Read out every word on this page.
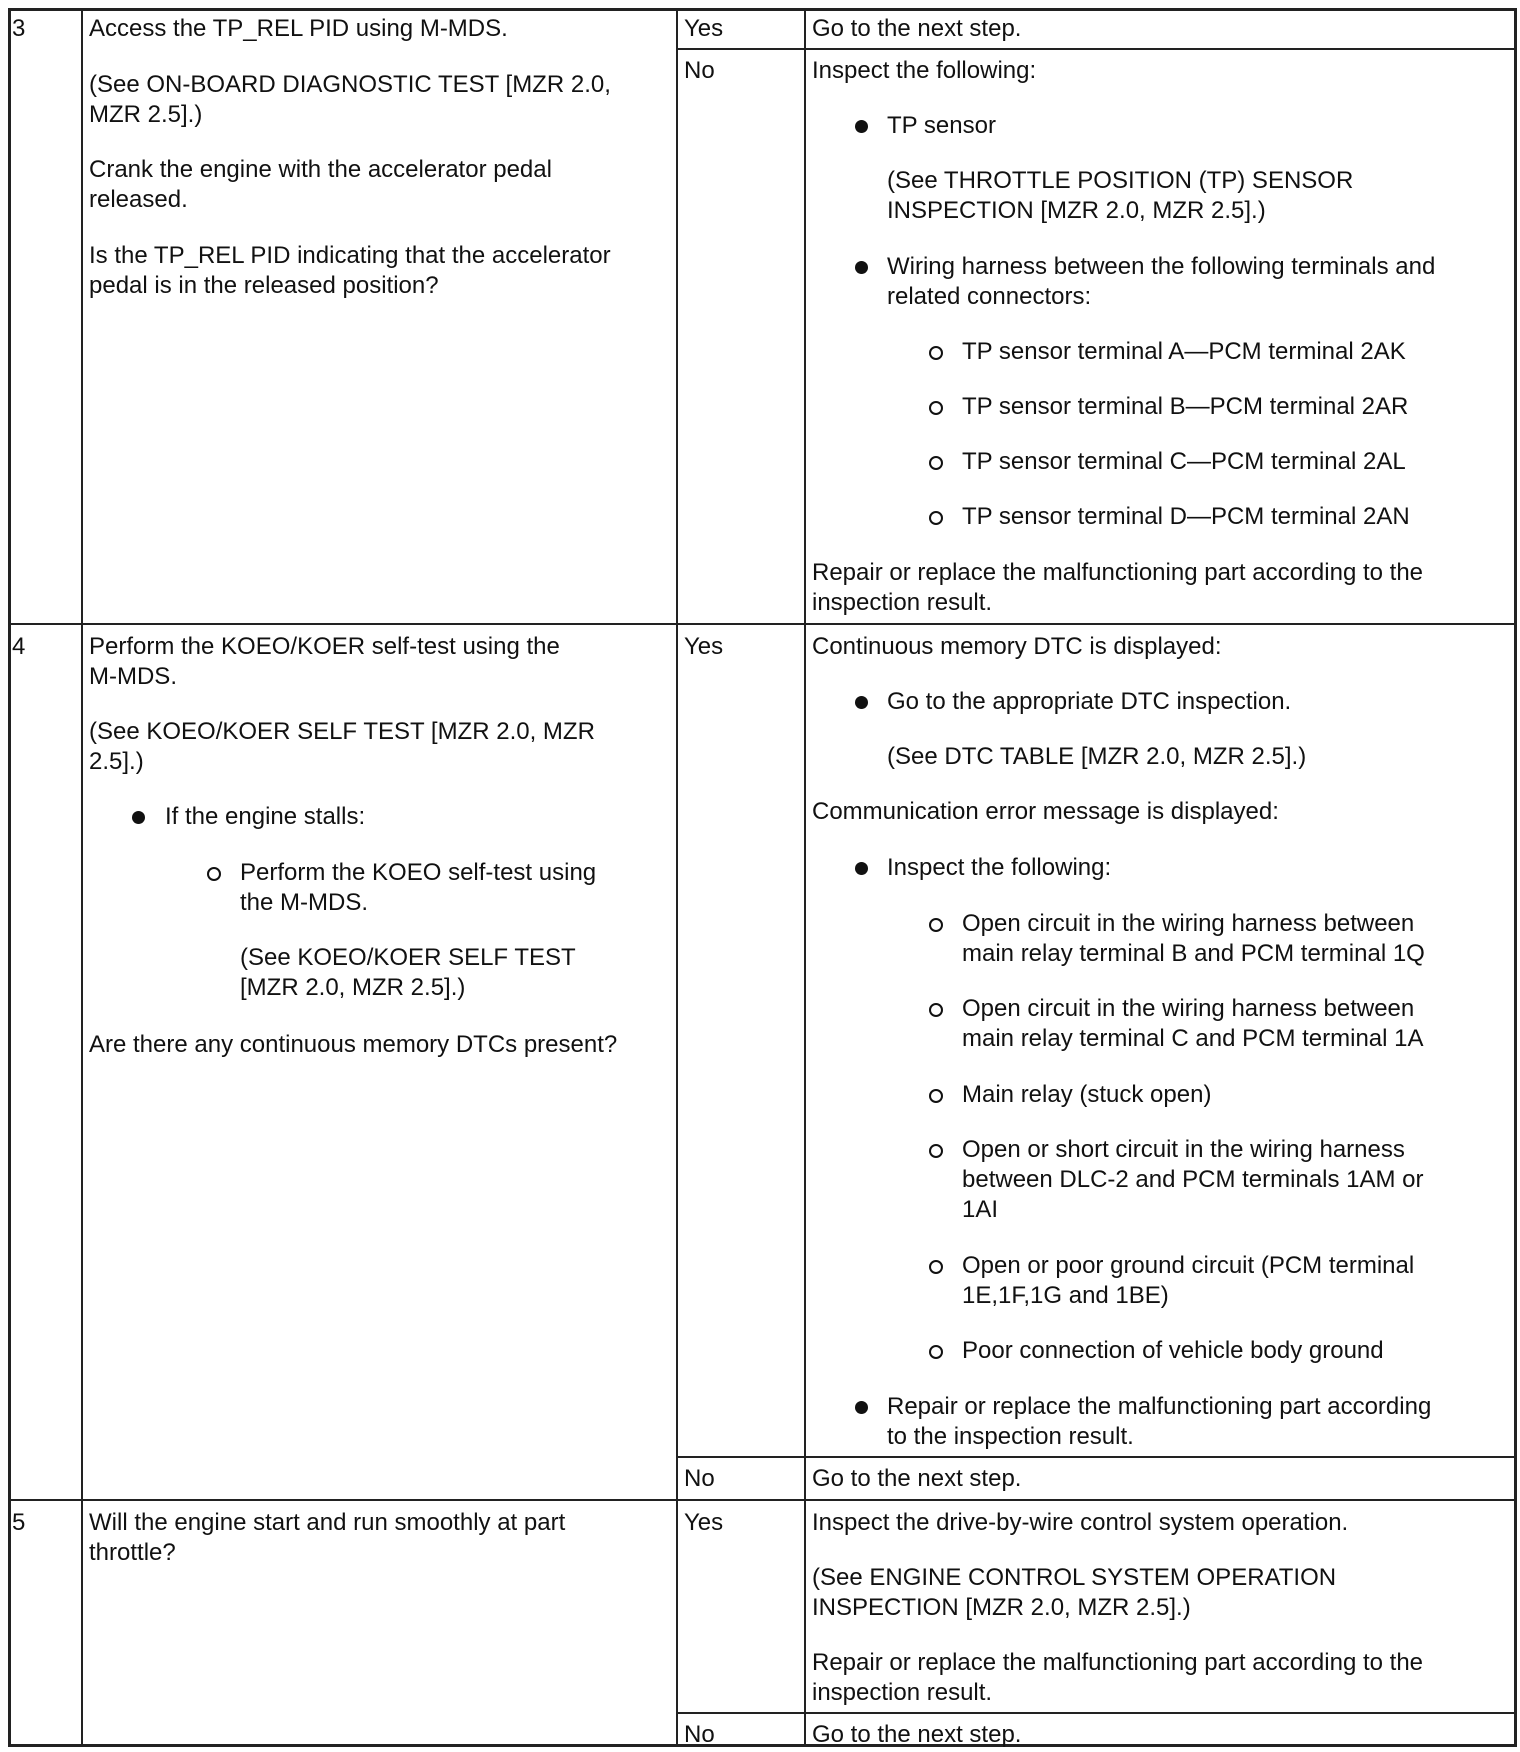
3	Access the TP_REL PID using M-MDS.
(See ON-BOARD DIAGNOSTIC TEST [MZR 2.0,
MZR 2.5].)
Crank the engine with the accelerator pedal
released.
Is the TP_REL PID indicating that the accelerator
pedal is in the released position?
Yes	Go to the next step.
No	Inspect the following:
TP sensor
(See THROTTLE POSITION (TP) SENSOR
INSPECTION [MZR 2.0, MZR 2.5].)
Wiring harness between the following terminals and
related connectors:
TP sensor terminal A—PCM terminal 2AK
TP sensor terminal B—PCM terminal 2AR
TP sensor terminal C—PCM terminal 2AL
TP sensor terminal D—PCM terminal 2AN
Repair or replace the malfunctioning part according to the
inspection result.
4	Perform the KOEO/KOER self-test using the
M-MDS.
(See KOEO/KOER SELF TEST [MZR 2.0, MZR
2.5].)
If the engine stalls:
Perform the KOEO self-test using
the M-MDS.
(See KOEO/KOER SELF TEST
[MZR 2.0, MZR 2.5].)
Are there any continuous memory DTCs present?
Yes	Continuous memory DTC is displayed:
Go to the appropriate DTC inspection.
(See DTC TABLE [MZR 2.0, MZR 2.5].)
Communication error message is displayed:
Inspect the following:
Open circuit in the wiring harness between
main relay terminal B and PCM terminal 1Q
Open circuit in the wiring harness between
main relay terminal C and PCM terminal 1A
Main relay (stuck open)
Open or short circuit in the wiring harness
between DLC-2 and PCM terminals 1AM or
1AI
Open or poor ground circuit (PCM terminal
1E,1F,1G and 1BE)
Poor connection of vehicle body ground
Repair or replace the malfunctioning part according
to the inspection result.
No	Go to the next step.
5	Will the engine start and run smoothly at part
throttle?
Yes	Inspect the drive-by-wire control system operation.
(See ENGINE CONTROL SYSTEM OPERATION
INSPECTION [MZR 2.0, MZR 2.5].)
Repair or replace the malfunctioning part according to the
inspection result.
No	Go to the next step.
